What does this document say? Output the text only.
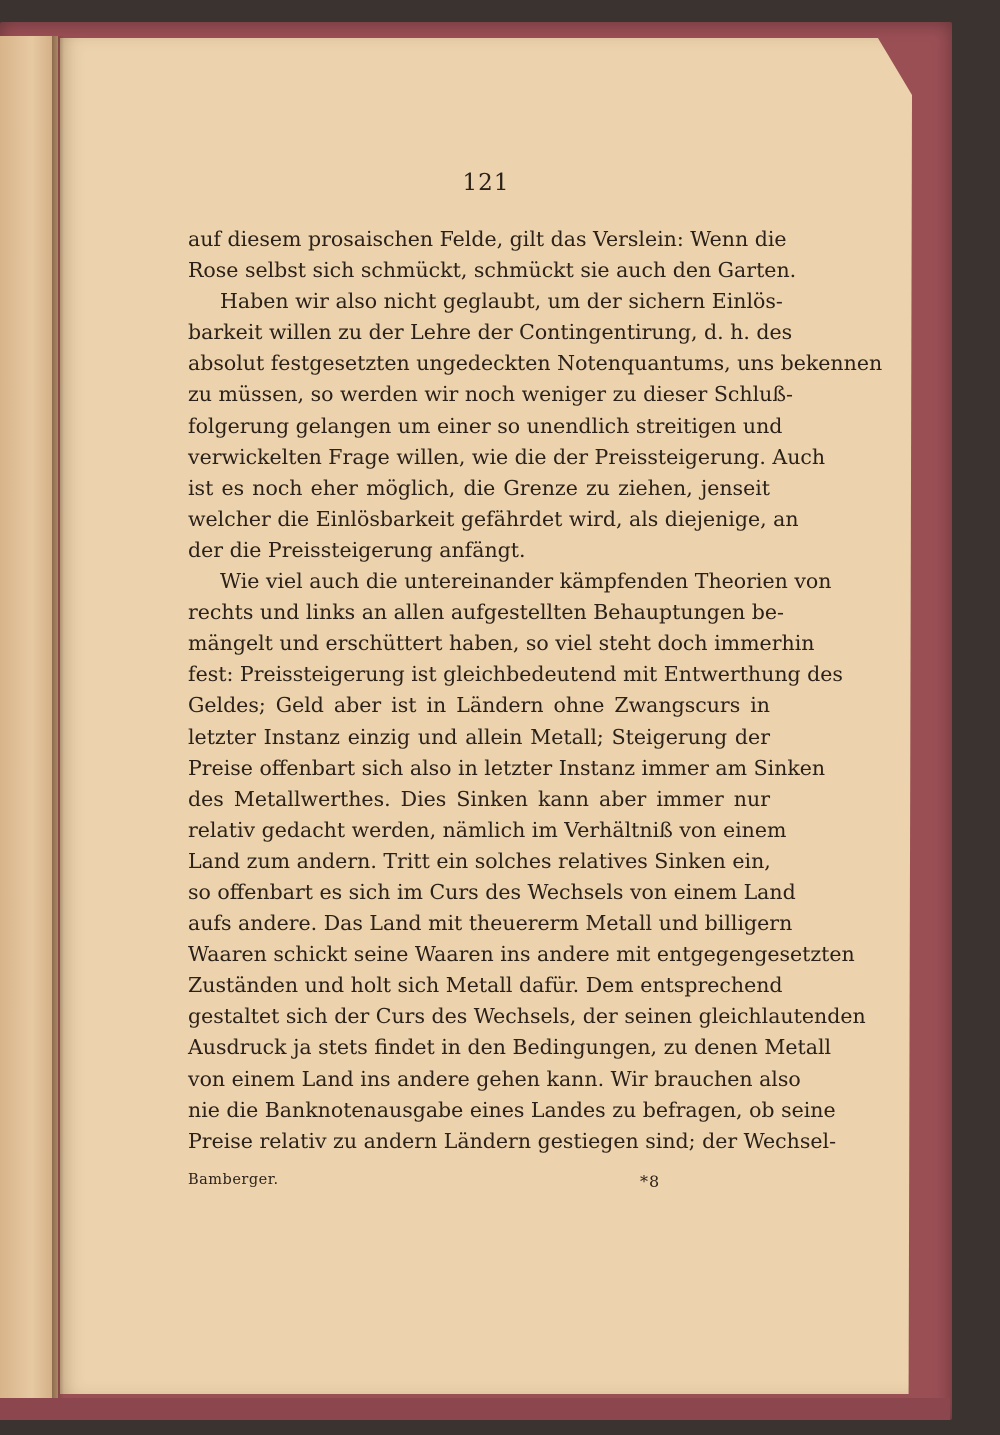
121
auf diesem prosaischen Felde, gilt das Verslein: Wenn die
Rose selbst sich schmückt, schmückt sie auch den Garten.
Haben wir also nicht geglaubt, um der sichern Einlös-
barkeit willen zu der Lehre der Contingentirung, d. h. des
absolut festgesetzten ungedeckten Notenquantums, uns bekennen
zu müssen, so werden wir noch weniger zu dieser Schluß-
folgerung gelangen um einer so unendlich streitigen und
verwickelten Frage willen, wie die der Preissteigerung. Auch
ist es noch eher möglich, die Grenze zu ziehen, jenseit
welcher die Einlösbarkeit gefährdet wird, als diejenige, an
der die Preissteigerung anfängt.
Wie viel auch die untereinander kämpfenden Theorien von
rechts und links an allen aufgestellten Behauptungen be-
mängelt und erschüttert haben, so viel steht doch immerhin
fest: Preissteigerung ist gleichbedeutend mit Entwerthung des
Geldes; Geld aber ist in Ländern ohne Zwangscurs in
letzter Instanz einzig und allein Metall; Steigerung der
Preise offenbart sich also in letzter Instanz immer am Sinken
des Metallwerthes. Dies Sinken kann aber immer nur
relativ gedacht werden, nämlich im Verhältniß von einem
Land zum andern. Tritt ein solches relatives Sinken ein,
so offenbart es sich im Curs des Wechsels von einem Land
aufs andere. Das Land mit theuererm Metall und billigern
Waaren schickt seine Waaren ins andere mit entgegengesetzten
Zuständen und holt sich Metall dafür. Dem entsprechend
gestaltet sich der Curs des Wechsels, der seinen gleichlautenden
Ausdruck ja stets findet in den Bedingungen, zu denen Metall
von einem Land ins andere gehen kann. Wir brauchen also
nie die Banknotenausgabe eines Landes zu befragen, ob seine
Preise relativ zu andern Ländern gestiegen sind; der Wechsel-
Bamberger.	*8
